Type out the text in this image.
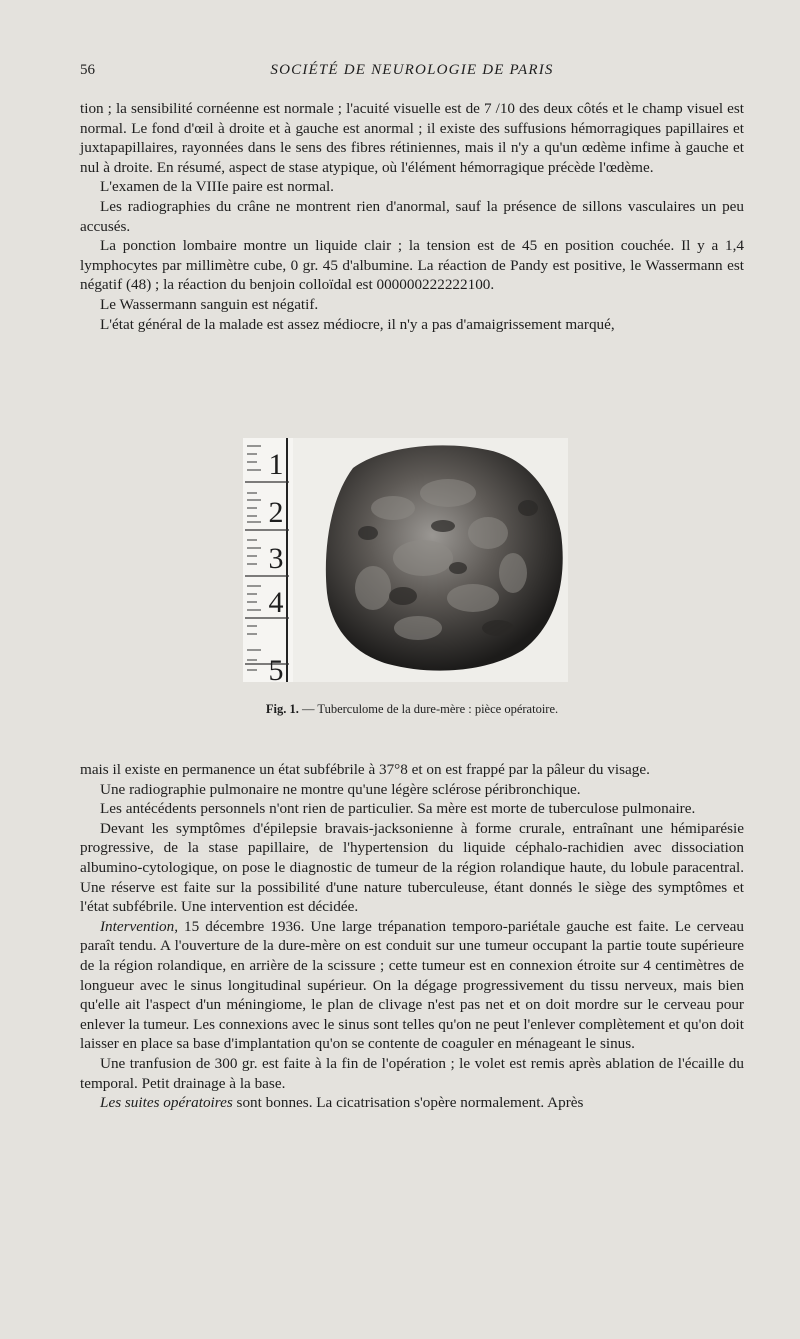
56	SOCIÉTÉ DE NEUROLOGIE DE PARIS

tion ; la sensibilité cornéenne est normale ; l'acuité visuelle est de 7 /10 des deux côtés et le champ visuel est normal. Le fond d'œil à droite et à gauche est anormal ; il existe des suffusions hémorragiques papillaires et juxtapapillaires, rayonnées dans le sens des fibres rétiniennes, mais il n'y a qu'un œdème infime à gauche et nul à droite. En résumé, aspect de stase atypique, où l'élément hémorragique précède l'œdème.

L'examen de la VIIIe paire est normal.

Les radiographies du crâne ne montrent rien d'anormal, sauf la présence de sillons vasculaires un peu accusés.

La ponction lombaire montre un liquide clair ; la tension est de 45 en position couchée. Il y a 1,4 lymphocytes par millimètre cube, 0 gr. 45 d'albumine. La réaction de Pandy est positive, le Wassermann est négatif (48) ; la réaction du benjoin colloïdal est 000000222222100.

Le Wassermann sanguin est négatif.

L'état général de la malade est assez médiocre, il n'y a pas d'amaigrissement marqué,

1
2
3
4
5
Fig. 1. — Tuberculome de la dure-mère : pièce opératoire.

mais il existe en permanence un état subfébrile à 37°8 et on est frappé par la pâleur du visage.

Une radiographie pulmonaire ne montre qu'une légère sclérose péribronchique.

Les antécédents personnels n'ont rien de particulier. Sa mère est morte de tuberculose pulmonaire.

Devant les symptômes d'épilepsie bravais-jacksonienne à forme crurale, entraînant une hémiparésie progressive, de la stase papillaire, de l'hypertension du liquide céphalo-rachidien avec dissociation albumino-cytologique, on pose le diagnostic de tumeur de la région rolandique haute, du lobule paracentral. Une réserve est faite sur la possibilité d'une nature tuberculeuse, étant donnés le siège des symptômes et l'état subfébrile. Une intervention est décidée.

Intervention, 15 décembre 1936. Une large trépanation temporo-pariétale gauche est faite. Le cerveau paraît tendu. A l'ouverture de la dure-mère on est conduit sur une tumeur occupant la partie toute supérieure de la région rolandique, en arrière de la scissure ; cette tumeur est en connexion étroite sur 4 centimètres de longueur avec le sinus longitudinal supérieur. On la dégage progressivement du tissu nerveux, mais bien qu'elle ait l'aspect d'un méningiome, le plan de clivage n'est pas net et on doit mordre sur le cerveau pour enlever la tumeur. Les connexions avec le sinus sont telles qu'on ne peut l'enlever complètement et qu'on doit laisser en place sa base d'implantation qu'on se contente de coaguler en ménageant le sinus.

Une tranfusion de 300 gr. est faite à la fin de l'opération ; le volet est remis après ablation de l'écaille du temporal. Petit drainage à la base.

Les suites opératoires sont bonnes. La cicatrisation s'opère normalement. Après
